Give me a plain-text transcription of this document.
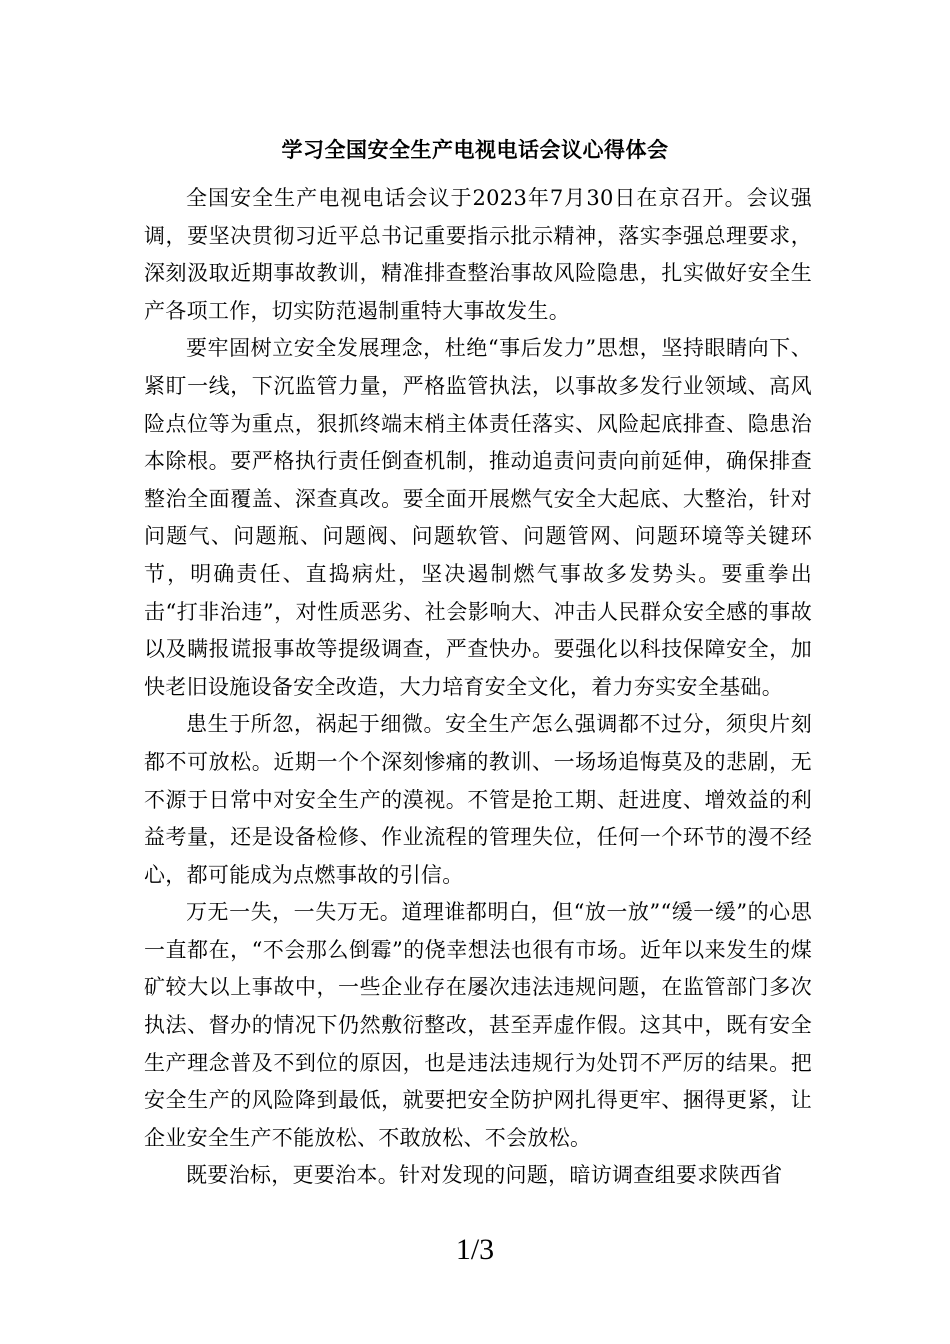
学习全国安全生产电视电话会议心得体会

全国安全生产电视电话会议于2023年7月30日在京召开。会议强调，要坚决贯彻习近平总书记重要指示批示精神，落实李强总理要求，深刻汲取近期事故教训，精准排查整治事故风险隐患，扎实做好安全生产各项工作，切实防范遏制重特大事故发生。

要牢固树立安全发展理念，杜绝“事后发力”思想，坚持眼睛向下、紧盯一线，下沉监管力量，严格监管执法，以事故多发行业领域、高风险点位等为重点，狠抓终端末梢主体责任落实、风险起底排查、隐患治本除根。要严格执行责任倒查机制，推动追责问责向前延伸，确保排查整治全面覆盖、深查真改。要全面开展燃气安全大起底、大整治，针对问题气、问题瓶、问题阀、问题软管、问题管网、问题环境等关键环节，明确责任、直捣病灶，坚决遏制燃气事故多发势头。要重拳出击“打非治违”，对性质恶劣、社会影响大、冲击人民群众安全感的事故以及瞒报谎报事故等提级调查，严查快办。要强化以科技保障安全，加快老旧设施设备安全改造，大力培育安全文化，着力夯实安全基础。

患生于所忽，祸起于细微。安全生产怎么强调都不过分，须臾片刻都不可放松。近期一个个深刻惨痛的教训、一场场追悔莫及的悲剧，无不源于日常中对安全生产的漠视。不管是抢工期、赶进度、增效益的利益考量，还是设备检修、作业流程的管理失位，任何一个环节的漫不经心，都可能成为点燃事故的引信。

万无一失，一失万无。道理谁都明白，但“放一放”“缓一缓”的心思一直都在，“不会那么倒霉”的侥幸想法也很有市场。近年以来发生的煤矿较大以上事故中，一些企业存在屡次违法违规问题，在监管部门多次执法、督办的情况下仍然敷衍整改，甚至弄虚作假。这其中，既有安全生产理念普及不到位的原因，也是违法违规行为处罚不严厉的结果。把安全生产的风险降到最低，就要把安全防护网扎得更牢、捆得更紧，让企业安全生产不能放松、不敢放松、不会放松。

既要治标，更要治本。针对发现的问题，暗访调查组要求陕西省

1/3
